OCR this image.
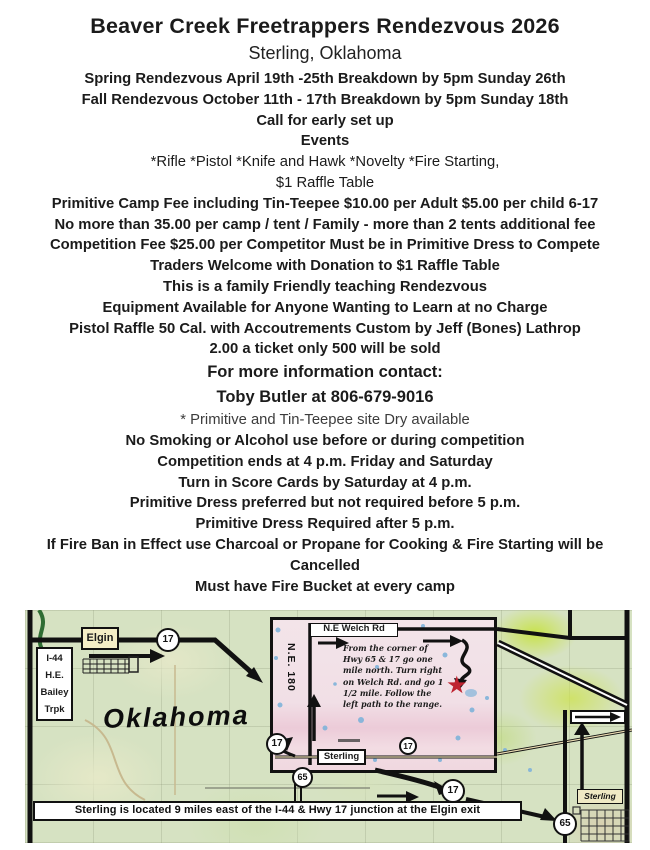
Beaver Creek Freetrappers Rendezvous 2026
Sterling, Oklahoma
Spring Rendezvous April 19th -25th Breakdown by 5pm Sunday 26th
Fall Rendezvous October 11th - 17th Breakdown by 5pm Sunday 18th
Call for early set up
Events
*Rifle *Pistol *Knife and Hawk *Novelty *Fire Starting,
$1 Raffle Table
Primitive Camp Fee including Tin-Teepee $10.00 per Adult $5.00 per child 6-17
No more than 35.00 per camp / tent / Family - more than 2 tents additional fee
Competition Fee $25.00 per Competitor Must be in Primitive Dress to Compete
Traders Welcome with Donation to $1 Raffle Table
This is a family Friendly teaching Rendezvous
Equipment Available for Anyone Wanting to Learn at no Charge
Pistol Raffle 50 Cal. with Accoutrements Custom by Jeff (Bones) Lathrop
2.00 a ticket only 500 will be sold
For more information contact:
Toby Butler at 806-679-9016
* Primitive and Tin-Teepee site Dry available
No Smoking or Alcohol use before or during competition
Competition ends at 4 p.m. Friday and Saturday
Turn in Score Cards by Saturday at 4 p.m.
Primitive Dress preferred but not required before 5 p.m.
Primitive Dress Required after 5 p.m.
If Fire Ban in Effect use Charcoal or Propane for Cooking & Fire Starting will be
Cancelled
Must have Fire Bucket at every camp
I-44
H.E.
Bailey
Trpk
Elgin	17
17	17
17
65
65
Oklahoma
N.E Welch Rd
N.E. 180	From the corner of Hwy 65 & 17 go one mile north. Turn right on Welch Rd. and go 1 1/2 mile. Follow the left path to the range.
Sterling
Sterling
★
Sterling is located 9 miles east of the I-44 & Hwy 17 junction at the Elgin exit
